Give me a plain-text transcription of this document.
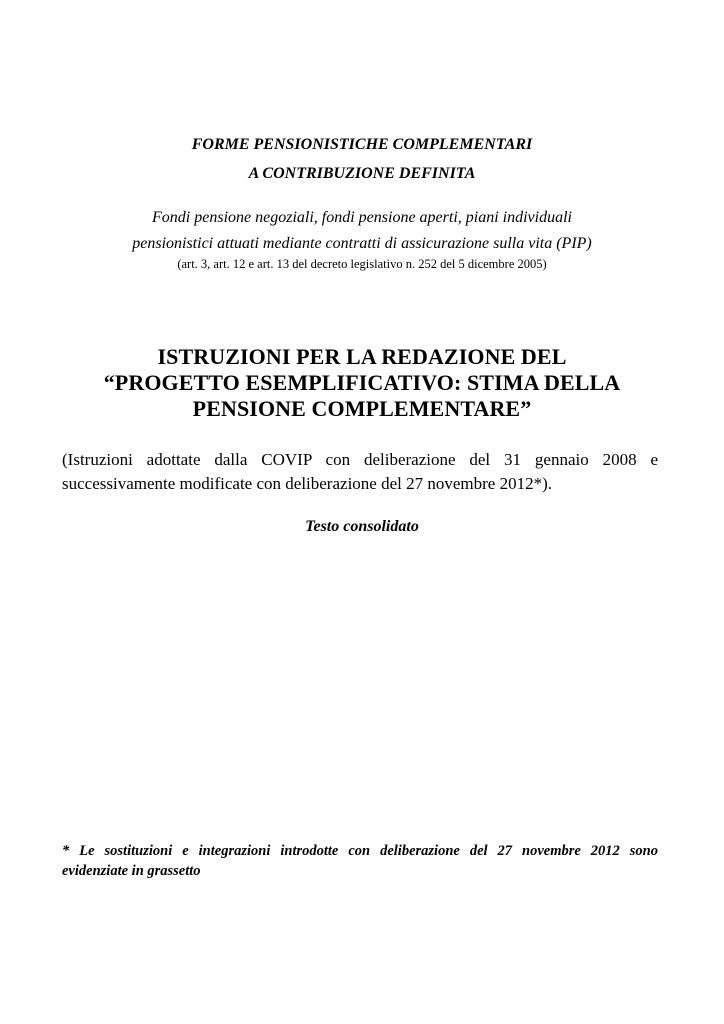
FORME PENSIONISTICHE COMPLEMENTARI
A CONTRIBUZIONE DEFINITA
Fondi pensione negoziali, fondi pensione aperti, piani individuali
pensionistici attuati mediante contratti di assicurazione sulla vita (PIP)
(art. 3, art. 12 e art. 13 del decreto legislativo n. 252 del 5 dicembre 2005)
ISTRUZIONI PER LA REDAZIONE DEL
“PROGETTO ESEMPLIFICATIVO: STIMA DELLA
PENSIONE COMPLEMENTARE”
(Istruzioni adottate dalla COVIP con deliberazione del 31 gennaio 2008 e
successivamente modificate con deliberazione del 27 novembre 2012*).
Testo consolidato
* Le sostituzioni e integrazioni introdotte con deliberazione del 27 novembre 2012 sono
evidenziate in grassetto
